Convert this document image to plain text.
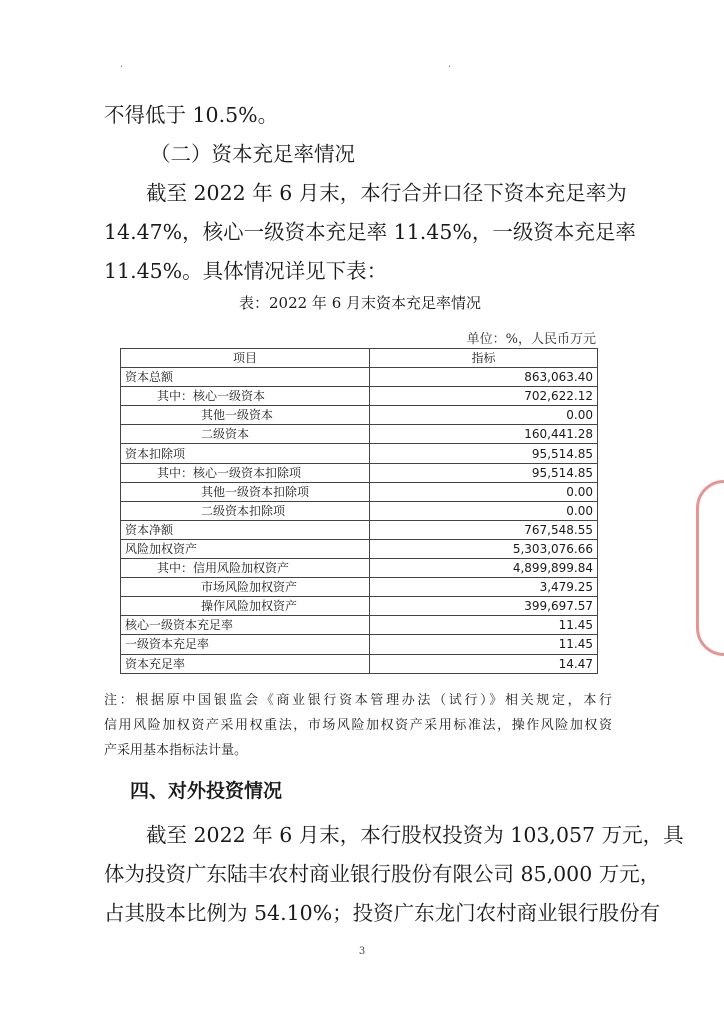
·	·
不得低于 10.5%。
（二）资本充足率情况
截至 2022 年 6 月末，本行合并口径下资本充足率为
14.47%，核心一级资本充足率 11.45%，一级资本充足率
11.45%。具体情况详见下表：
表：2022 年 6 月末资本充足率情况
单位：%，人民币万元
项目	指标
资本总额	863,063.40
其中：核心一级资本	702,622.12
其他一级资本	0.00
二级资本	160,441.28
资本扣除项	95,514.85
其中：核心一级资本扣除项	95,514.85
其他一级资本扣除项	0.00
二级资本扣除项	0.00
资本净额	767,548.55
风险加权资产	5,303,076.66
其中：信用风险加权资产	4,899,899.84
市场风险加权资产	3,479.25
操作风险加权资产	399,697.57
核心一级资本充足率	11.45
一级资本充足率	11.45
资本充足率	14.47
注：根据原中国银监会《商业银行资本管理办法（试行）》相关规定，本行
信用风险加权资产采用权重法，市场风险加权资产采用标准法，操作风险加权资
产采用基本指标法计量。
四、对外投资情况
截至 2022 年 6 月末，本行股权投资为 103,057 万元，具
体为投资广东陆丰农村商业银行股份有限公司 85,000 万元，
占其股本比例为 54.10%；投资广东龙门农村商业银行股份有
3
